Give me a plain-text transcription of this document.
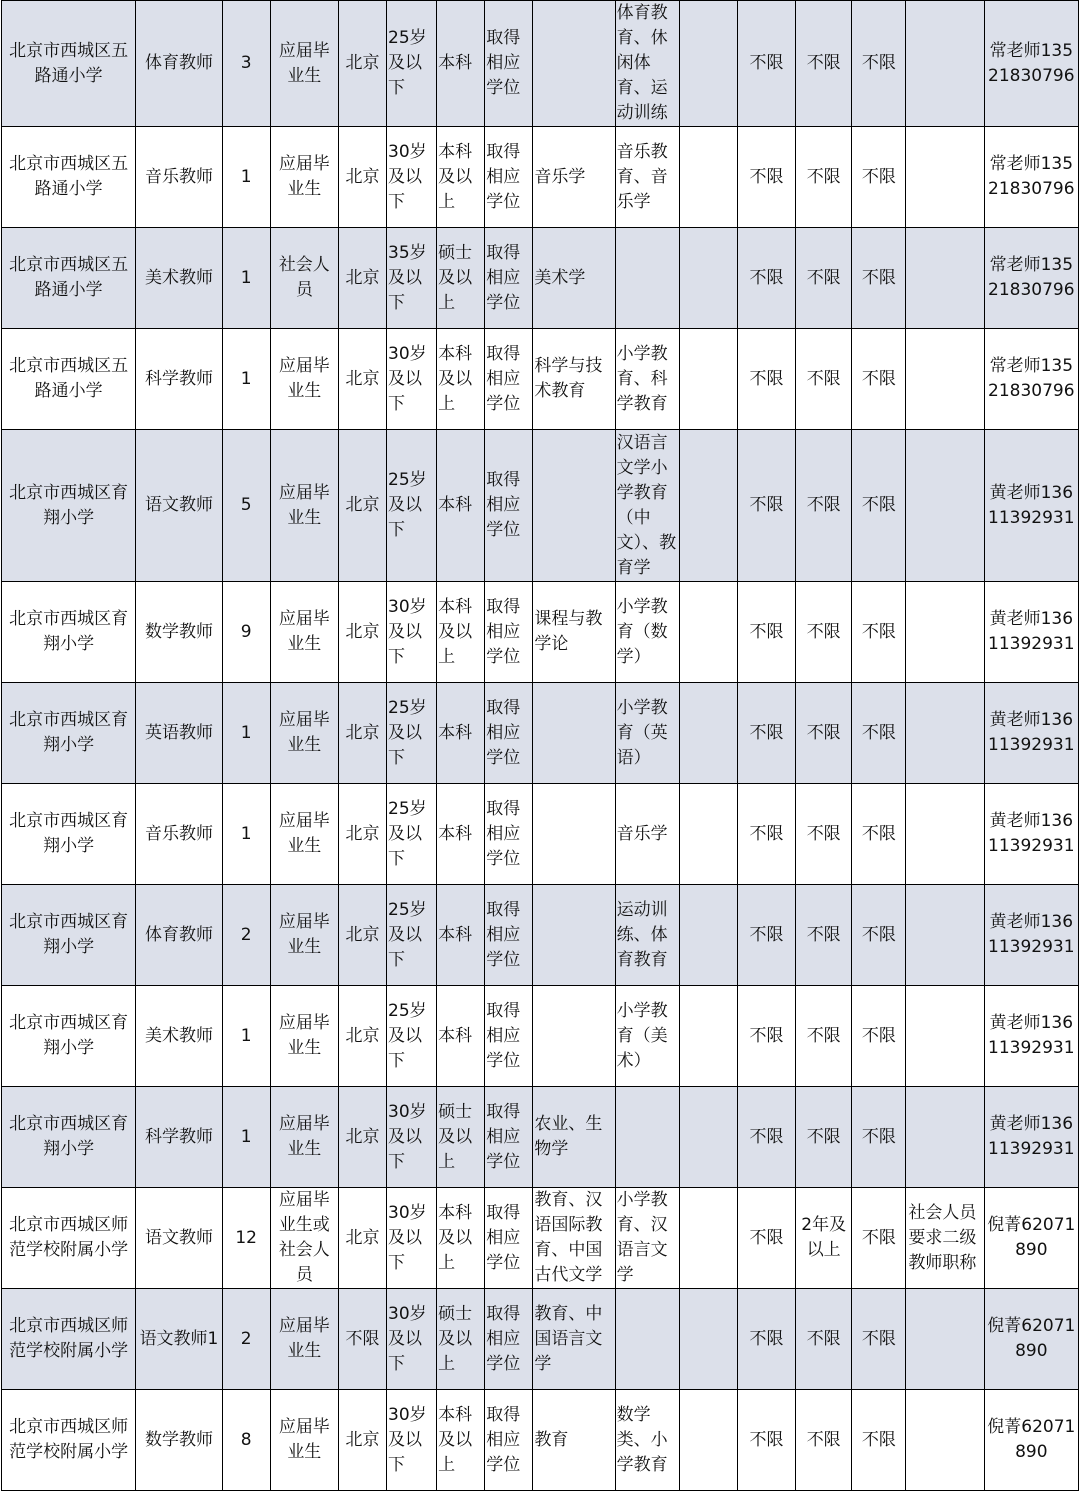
北京市西城区五路通小学	体育教师	3	应届毕业生	北京	25岁及以下	本科	取得相应学位		体育教育、休闲体育、运动训练		不限	不限	不限		常老师13521830796
北京市西城区五路通小学	音乐教师	1	应届毕业生	北京	30岁及以下	本科及以上	取得相应学位	音乐学	音乐教育、音乐学		不限	不限	不限		常老师13521830796
北京市西城区五路通小学	美术教师	1	社会人员	北京	35岁及以下	硕士及以上	取得相应学位	美术学			不限	不限	不限		常老师13521830796
北京市西城区五路通小学	科学教师	1	应届毕业生	北京	30岁及以下	本科及以上	取得相应学位	科学与技术教育	小学教育、科学教育		不限	不限	不限		常老师13521830796
北京市西城区育翔小学	语文教师	5	应届毕业生	北京	25岁及以下	本科	取得相应学位		汉语言文学小学教育（中文）、教育学		不限	不限	不限		黄老师13611392931
北京市西城区育翔小学	数学教师	9	应届毕业生	北京	30岁及以下	本科及以上	取得相应学位	课程与教学论	小学教育（数学）		不限	不限	不限		黄老师13611392931
北京市西城区育翔小学	英语教师	1	应届毕业生	北京	25岁及以下	本科	取得相应学位		小学教育（英语）		不限	不限	不限		黄老师13611392931
北京市西城区育翔小学	音乐教师	1	应届毕业生	北京	25岁及以下	本科	取得相应学位		音乐学		不限	不限	不限		黄老师13611392931
北京市西城区育翔小学	体育教师	2	应届毕业生	北京	25岁及以下	本科	取得相应学位		运动训练、体育教育		不限	不限	不限		黄老师13611392931
北京市西城区育翔小学	美术教师	1	应届毕业生	北京	25岁及以下	本科	取得相应学位		小学教育（美术）		不限	不限	不限		黄老师13611392931
北京市西城区育翔小学	科学教师	1	应届毕业生	北京	30岁及以下	硕士及以上	取得相应学位	农业、生物学			不限	不限	不限		黄老师13611392931
北京市西城区师范学校附属小学	语文教师	12	应届毕业生或社会人员	北京	30岁及以下	本科及以上	取得相应学位	教育、汉语国际教育、中国古代文学	小学教育、汉语言文学		不限	2年及以上	不限	社会人员要求二级教师职称	倪菁62071890
北京市西城区师范学校附属小学	语文教师1	2	应届毕业生	不限	30岁及以下	硕士及以上	取得相应学位	教育、中国语言文学			不限	不限	不限		倪菁62071890
北京市西城区师范学校附属小学	数学教师	8	应届毕业生	北京	30岁及以下	本科及以上	取得相应学位	教育	数学类、小学教育		不限	不限	不限		倪菁62071890
